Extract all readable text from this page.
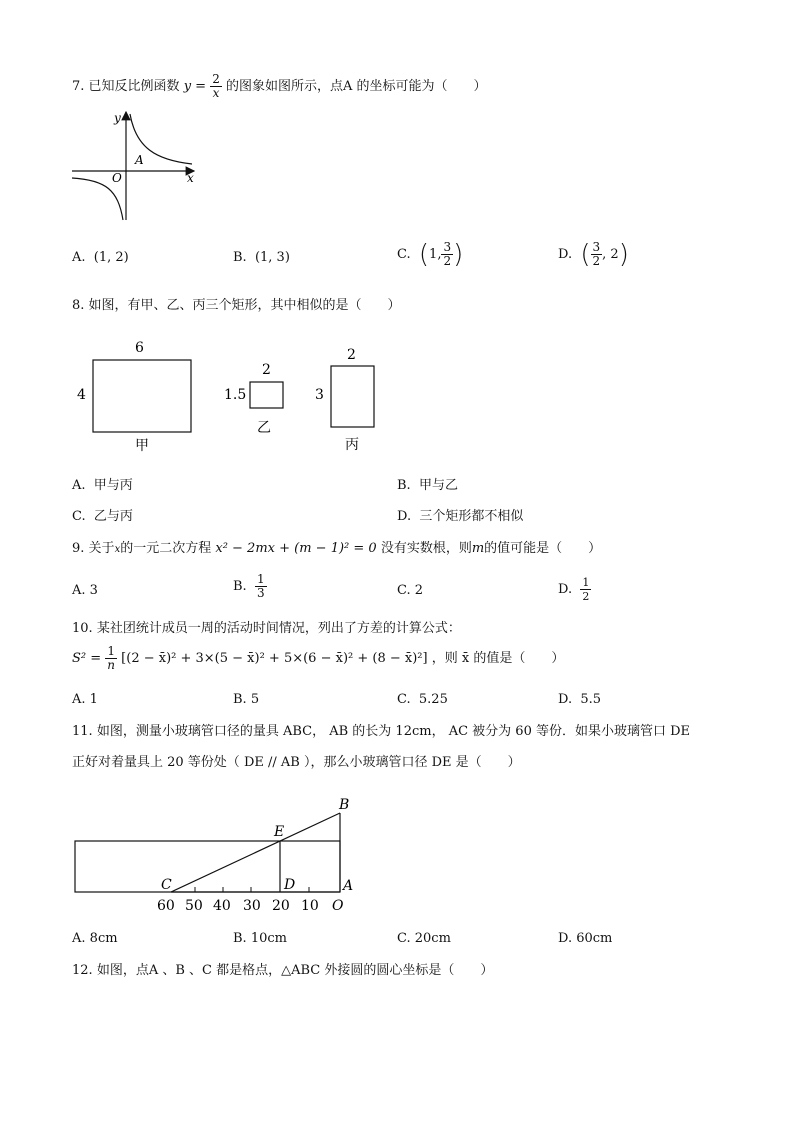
7. 已知反比例函数 $y = \frac{2}{x}$ 的图象如图所示，点A 的坐标可能为（　　）
y
x
O
A
A. (1, 2)	B. (1, 3)	C. (1, $\frac{3}{2}$ )	D. ( $\frac{3}{2}$ , 2)
8. 如图，有甲、乙、丙三个矩形，其中相似的是（　　）
6
4
甲
2
1.5
乙
2
3
丙
A. 甲与丙	B. 甲与乙
C. 乙与丙	D. 三个矩形都不相似
9. 关于x的一元二次方程 x² − 2mx + (m − 1)² = 0 没有实数根，则m的值可能是（　　）
A. 3	B. $\frac{1}{3}$	C. 2	D. $\frac{1}{2}$
10. 某社团统计成员一周的活动时间情况，列出了方差的计算公式：
$S^2 = \frac{1}{n} [(2$ − x̄)² + 3×(5 − x̄)² + 5×(6 − x̄)² + (8 − x̄)²] ，则 x̄ 的值是（　　）
A. 1	B. 5	C. 5.25	D. 5.5
11. 如图，测量小玻璃管口径的量具 ABC， AB 的长为 12cm， AC 被分为 60 等份．如果小玻璃管口 DE
正好对着量具上 20 等份处（ DE // AB ），那么小玻璃管口径 DE 是（　　）
B
E
C	D	A
O
60 50 40 30 20 10
A. 8cm	B. 10cm	C. 20cm	D. 60cm
12. 如图，点A 、B 、C 都是格点，△ABC 外接圆的圆心坐标是（　　）
